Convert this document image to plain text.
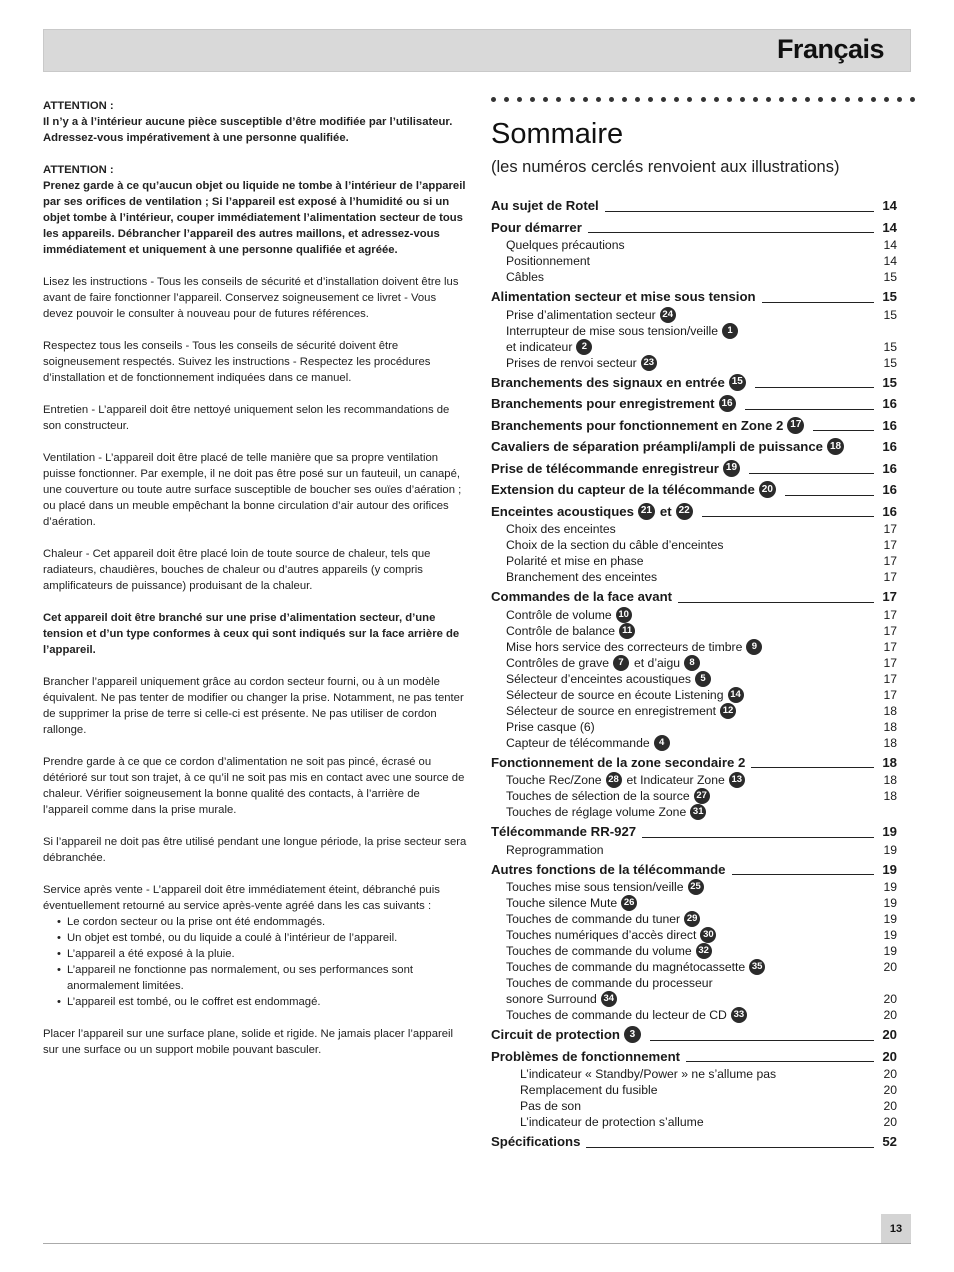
Français

ATTENTION :
Il n’y a à l’intérieur aucune pièce susceptible d’être modifiée par l’utilisateur. Adressez-vous impérativement à une personne qualifiée.

ATTENTION :
Prenez garde à ce qu’aucun objet ou liquide ne tombe à l’intérieur de l’appareil par ses orifices de ventilation ; Si l’appareil est exposé à l’humidité ou si un objet tombe à l’intérieur, couper immédiatement l’alimentation secteur de tous les appareils. Débrancher l’appareil des autres maillons, et adressez-vous immédiatement et uniquement à une personne qualifiée et agréée.

Lisez les instructions - Tous les conseils de sécurité et d’installation doivent être lus avant de faire fonctionner l’appareil. Conservez soigneusement ce livret - Vous devez pouvoir le consulter à nouveau pour de futures références.

Respectez tous les conseils - Tous les conseils de sécurité doivent être soigneusement respectés. Suivez les instructions - Respectez les procédures d’installation et de fonctionnement indiquées dans ce manuel.

Entretien - L’appareil doit être nettoyé uniquement selon les recommandations de son constructeur.

Ventilation - L’appareil doit être placé de telle manière que sa propre ventilation puisse fonctionner. Par exemple, il ne doit pas être posé sur un fauteuil, un canapé, une couverture ou toute autre surface susceptible de boucher ses ouïes d’aération ; ou placé dans un meuble empêchant la bonne circulation d’air autour des orifices d’aération.

Chaleur - Cet appareil doit être placé loin de toute source de chaleur, tels que radiateurs, chaudières, bouches de chaleur ou d’autres appareils (y compris amplificateurs de puissance) produisant de la chaleur.

Cet appareil doit être branché sur une prise d’alimentation secteur, d’une tension et d’un type conformes à ceux qui sont indiqués sur la face arrière de l’appareil.

Brancher l’appareil uniquement grâce au cordon secteur fourni, ou à un modèle équivalent. Ne pas tenter de modifier ou changer la prise. Notamment, ne pas tenter de supprimer la prise de terre si celle-ci est présente. Ne pas utiliser de cordon rallonge.

Prendre garde à ce que ce cordon d’alimentation ne soit pas pincé, écrasé ou détérioré sur tout son trajet, à ce qu’il ne soit pas mis en contact avec une source de chaleur. Vérifier soigneusement la bonne qualité des contacts, à l’arrière de l’appareil comme dans la prise murale.

Si l’appareil ne doit pas être utilisé pendant une longue période, la prise secteur sera débranchée.

Service après vente - L’appareil doit être immédiatement éteint, débranché puis éventuellement retourné au service après-vente agréé dans les cas suivants :

• Le cordon secteur ou la prise ont été endommagés.
• Un objet est tombé, ou du liquide a coulé à l’intérieur de l’appareil.
• L’appareil a été exposé à la pluie.
• L’appareil ne fonctionne pas normalement, ou ses performances sont anormalement limitées.
• L’appareil est tombé, ou le coffret est endommagé.

Placer l’appareil sur une surface plane, solide et rigide. Ne jamais placer l’appareil sur une surface ou un support mobile pouvant basculer.

Sommaire
(les numéros cerclés renvoient aux illustrations)
Au sujet de Rotel	14
Pour démarrer	14
Quelques précautions	14
Positionnement	14
Câbles	15
Alimentation secteur et mise sous tension	15
Prise d’alimentation secteur 24	15
Interrupteur de mise sous tension/veille 1
et indicateur 2	15
Prises de renvoi secteur 23	15
Branchements des signaux en entrée 15	15
Branchements pour enregistrement 16	16
Branchements pour fonctionnement en Zone 2 17	16
Cavaliers de séparation préampli/ampli de puissance 18	16
Prise de télécommande enregistreur 19	16
Extension du capteur de la télécommande 20	16
Enceintes acoustiques 21 et 22	16
Choix des enceintes	17
Choix de la section du câble d’enceintes	17
Polarité et mise en phase	17
Branchement des enceintes	17
Commandes de la face avant	17
Contrôle de volume 10	17
Contrôle de balance 11	17
Mise hors service des correcteurs de timbre 9	17
Contrôles de grave 7 et d’aigu 8	17
Sélecteur d’enceintes acoustiques 5	17
Sélecteur de source en écoute Listening 14	17
Sélecteur de source en enregistrement 12	18
Prise casque (6)	18
Capteur de télécommande 4	18
Fonctionnement de la zone secondaire 2	18
Touche Rec/Zone 28 et Indicateur Zone 13	18
Touches de sélection de la source 27	18
Touches de réglage volume Zone 31
Télécommande RR-927	19
Reprogrammation	19
Autres fonctions de la télécommande	19
Touches mise sous tension/veille 25	19
Touche silence Mute 26	19
Touches de commande du tuner 29	19
Touches numériques d’accès direct 30	19
Touches de commande du volume 32	19
Touches de commande du magnétocassette 35	20
Touches de commande du processeur
sonore Surround 34	20
Touches de commande du lecteur de CD 33	20
Circuit de protection 3	20
Problèmes de fonctionnement	20
L’indicateur « Standby/Power » ne s’allume pas	20
Remplacement du fusible	20
Pas de son	20
L’indicateur de protection s’allume	20
Spécifications	52
13
